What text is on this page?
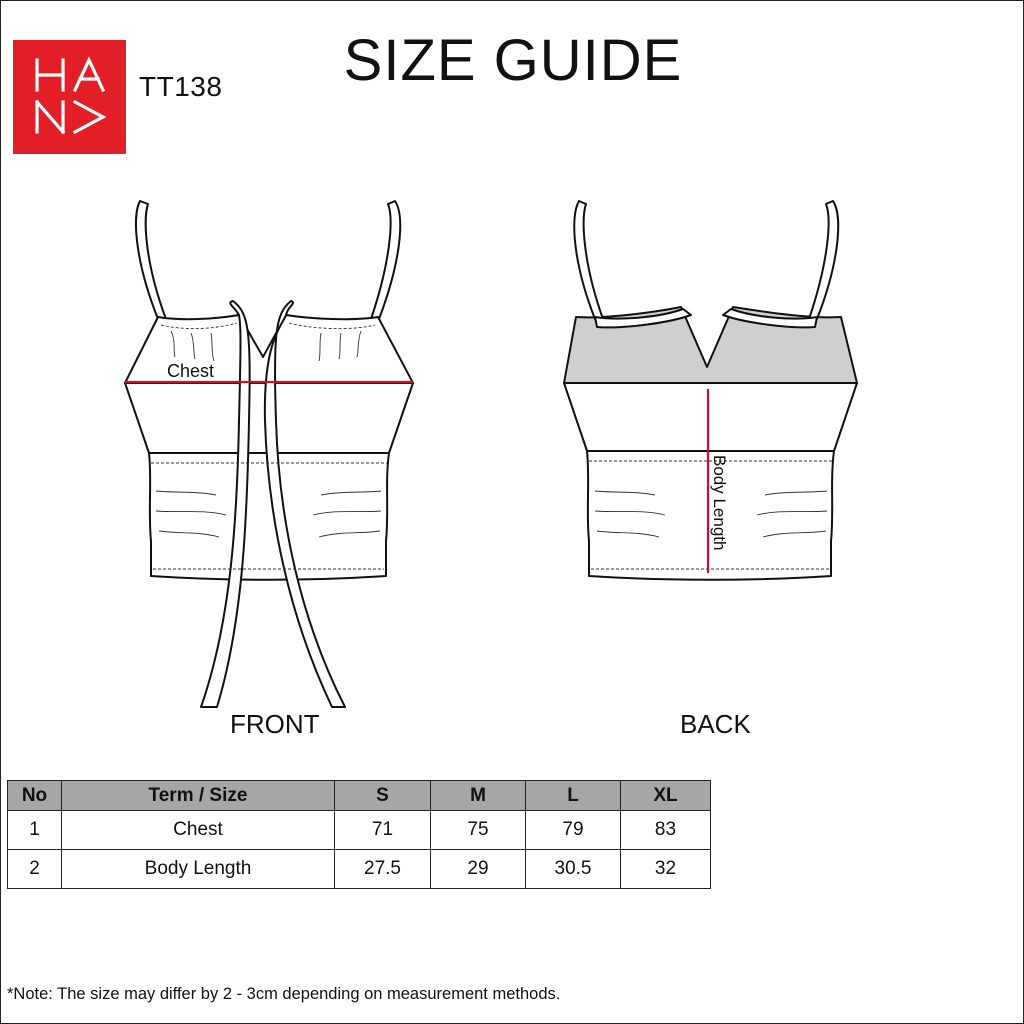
TT138	SIZE GUIDE
Chest
Body Length
FRONT	BACK
No	Term / Size	S	M	L	XL
1	Chest	71	75	79	83
2	Body Length	27.5	29	30.5	32
*Note: The size may differ by 2 - 3cm depending on measurement methods.
